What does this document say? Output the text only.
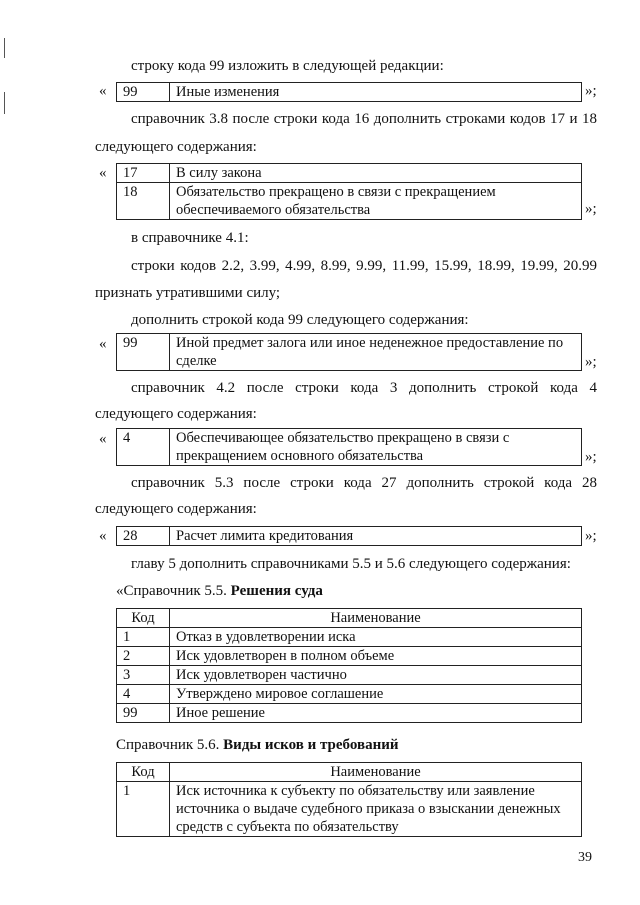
строку кода 99 изложить в следующей редакции:
« 99	Иные изменения	»;
справочник 3.8 после строки кода 16 дополнить строками кодов 17 и 18
следующего содержания:
« 17	В силу закона
18	Обязательство прекращено в связи с прекращением обеспечиваемого обязательства	»;
в справочнике 4.1:
строки кодов 2.2, 3.99, 4.99, 8.99, 9.99, 11.99, 15.99, 18.99, 19.99, 20.99
признать утратившими силу;
дополнить строкой кода 99 следующего содержания:
« 99	Иной предмет залога или иное неденежное предоставление по сделке	»;
справочник 4.2 после строки кода 3 дополнить строкой кода 4
следующего содержания:
« 4	Обеспечивающее обязательство прекращено в связи с прекращением основного обязательства	»;
справочник 5.3 после строки кода 27 дополнить строкой кода 28
следующего содержания:
« 28	Расчет лимита кредитования	»;
главу 5 дополнить справочниками 5.5 и 5.6 следующего содержания:
«Справочник 5.5. Решения суда
Код	Наименование
1	Отказ в удовлетворении иска
2	Иск удовлетворен в полном объеме
3	Иск удовлетворен частично
4	Утверждено мировое соглашение
99	Иное решение
Справочник 5.6. Виды исков и требований
Код	Наименование
1	Иск источника к субъекту по обязательству или заявление источника о выдаче судебного приказа о взыскании денежных средств с субъекта по обязательству
39
